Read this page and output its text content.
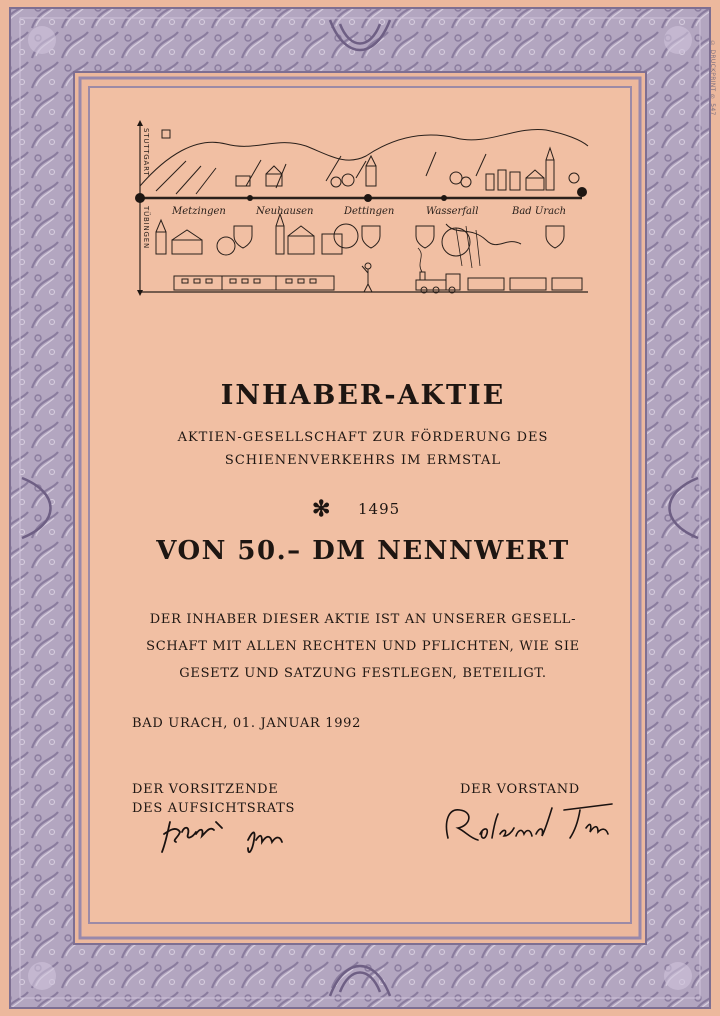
© DRUCKPRINT ® 547
STUTTGART
TÜBINGEN Metzingen	Neuhausen	Dettingen	Wasserfall	Bad Urach
INHABER-AKTIE
AKTIEN-GESELLSCHAFT ZUR FÖRDERUNG DES
SCHIENENVERKEHRS IM ERMSTAL
✻ 1495
VON 50.– DM NENNWERT
DER INHABER DIESER AKTIE IST AN UNSERER GESELL-
SCHAFT MIT ALLEN RECHTEN UND PFLICHTEN, WIE SIE
GESETZ UND SATZUNG FESTLEGEN, BETEILIGT.
BAD URACH, 01. JANUAR 1992
DER VORSITZENDE
DES AUFSICHTSRATS
DER VORSTAND
